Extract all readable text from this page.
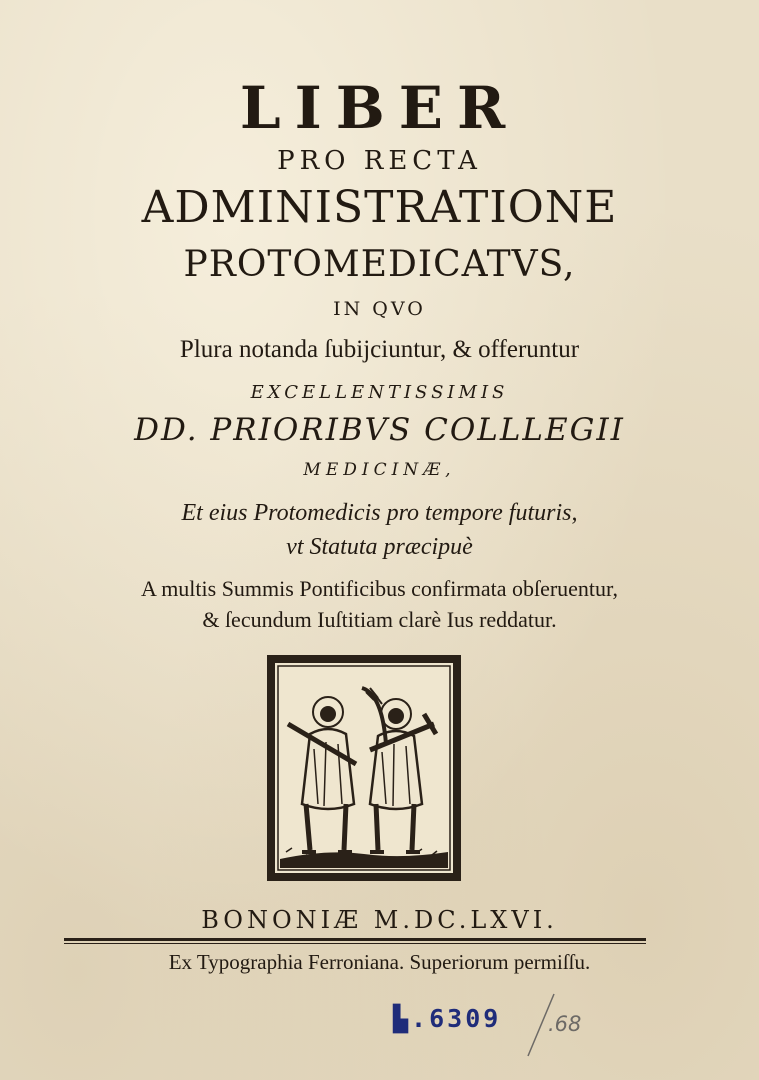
LIBER
PRO RECTA
ADMINISTRATIONE
PROTOMEDICATVS,
IN QVO
Plura notanda ſubijciuntur, & offeruntur
EXCELLENTISSIMIS
DD. PRIORIBVS COLLLEGII
MEDICINÆ,
Et eius Protomedicis pro tempore futuris,
vt Statuta præcipuè
A multis Summis Pontificibus confirmata obſeruentur,
& ſecundum Iuſtitiam clarè Ius reddatur.
BONONIÆ M.DC.LXVI.
Ex Typographia Ferroniana. Superiorum permiſſu.
▙.6309 .68
